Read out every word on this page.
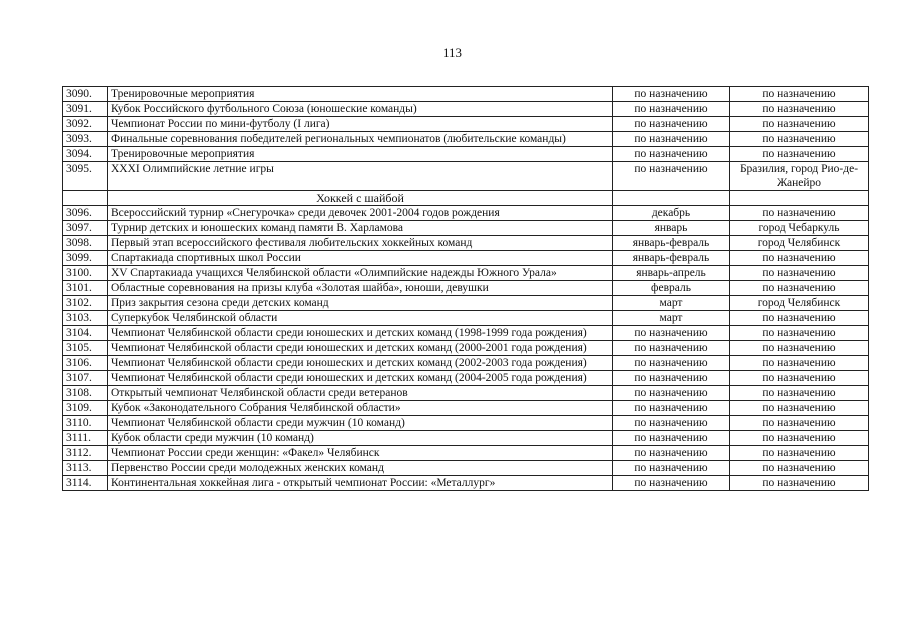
113
3090.	Тренировочные мероприятия	по назначению	по назначению
3091.	Кубок Российского футбольного Союза (юношеские команды)	по назначению	по назначению
3092.	Чемпионат России по мини-футболу (I лига)	по назначению	по назначению
3093.	Финальные соревнования победителей региональных чемпионатов (любительские команды)	по назначению	по назначению
3094.	Тренировочные мероприятия	по назначению	по назначению
3095.	XXXI Олимпийские летние игры	по назначению	Бразилия, город Рио-де-Жанейро
	Хоккей с шайбой		
3096.	Всероссийский турнир «Снегурочка» среди девочек 2001-2004 годов рождения	декабрь	по назначению
3097.	Турнир детских и юношеских команд памяти В. Харламова	январь	город Чебаркуль
3098.	Первый этап всероссийского фестиваля любительских хоккейных команд	январь-февраль	город Челябинск
3099.	Спартакиада спортивных школ России	январь-февраль	по назначению
3100.	XV Спартакиада учащихся Челябинской области «Олимпийские надежды Южного Урала»	январь-апрель	по назначению
3101.	Областные соревнования на призы клуба «Золотая шайба», юноши, девушки	февраль	по назначению
3102.	Приз закрытия сезона среди детских команд	март	город Челябинск
3103.	Суперкубок Челябинской области	март	по назначению
3104.	Чемпионат Челябинской области среди юношеских и детских команд (1998-1999 года рождения)	по назначению	по назначению
3105.	Чемпионат Челябинской области среди юношеских и детских команд (2000-2001 года рождения)	по назначению	по назначению
3106.	Чемпионат Челябинской области среди юношеских и детских команд (2002-2003 года рождения)	по назначению	по назначению
3107.	Чемпионат Челябинской области среди юношеских и детских команд (2004-2005 года рождения)	по назначению	по назначению
3108.	Открытый чемпионат Челябинской области среди ветеранов	по назначению	по назначению
3109.	Кубок «Законодательного Собрания Челябинской области»	по назначению	по назначению
3110.	Чемпионат Челябинской области среди мужчин (10 команд)	по назначению	по назначению
3111.	Кубок области среди мужчин (10 команд)	по назначению	по назначению
3112.	Чемпионат России среди женщин: «Факел» Челябинск	по назначению	по назначению
3113.	Первенство России среди молодежных женских команд	по назначению	по назначению
3114.	Континентальная хоккейная лига - открытый чемпионат России: «Металлург»	по назначению	по назначению
